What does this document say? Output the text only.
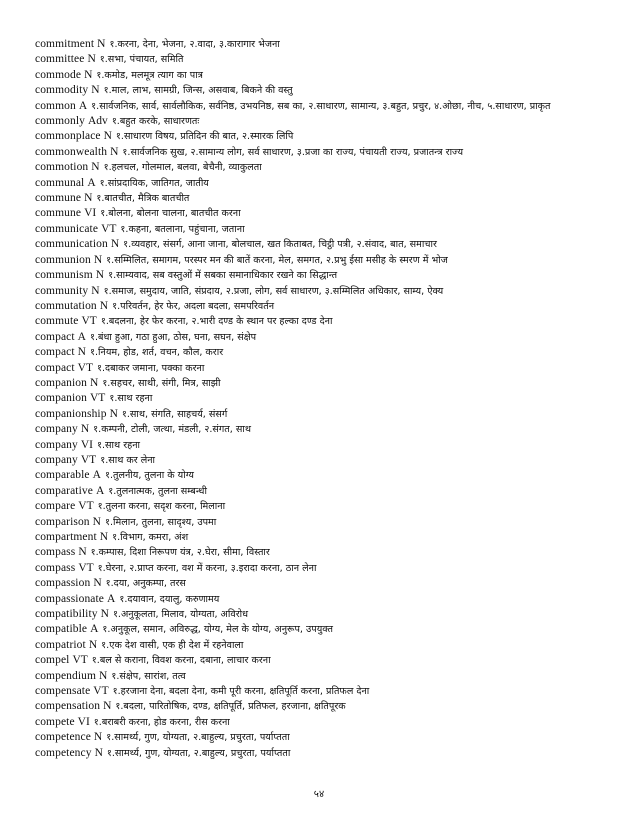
commitment N १.करना, देना, भेजना, २.वादा, ३.कारागार भेजना
committee N १.सभा, पंचायत, समिति
commode N १.कमोड, मलमूत्र त्याग का पात्र
commodity N १.माल, लाभ, सामग्री, जिन्स, असवाब, बिकने की वस्तु
common A १.सार्वजनिक, सार्व, सार्वलौकिक, सर्वनिष्ठ, उभयनिष्ठ, सब का, २.साधारण, सामान्य, ३.बहुत, प्रचुर, ४.ओछा, नीच, ५.साधारण, प्राकृत
commonly Adv १.बहुत करके, साधारणतः
commonplace N १.साधारण विषय, प्रतिदिन की बात, २.स्मारक लिपि
commonwealth N १.सार्वजनिक सुख, २.सामान्य लोग, सर्व साधारण, ३.प्रजा का राज्य, पंचायती राज्य, प्रजातन्त्र राज्य
commotion N १.हलचल, गोलमाल, बलवा, बेचैनी, व्याकुलता
communal A १.सांप्रदायिक, जातिगत, जातीय
commune N १.बातचीत, मैत्रिक बातचीत
commune VI १.बोलना, बोलना चालना, बातचीत करना
communicate VT १.कहना, बतलाना, पहुंचाना, जताना
communication N १.व्यवहार, संसर्ग, आना जाना, बोलचाल, खत किताबत, चिट्ठी पत्री, २.संवाद, बात, समाचार
communion N १.सम्मिलित, समागम, परस्पर मन की बातें करना, मेल, समगत, २.प्रभु ईसा मसीह के स्मरण में भोज
communism N १.साम्यवाद, सब वस्तुओं में सबका समानाधिकार रखने का सिद्धान्त
community N १.समाज, समुदाय, जाति, संप्रदाय, २.प्रजा, लोग, सर्व साधारण, ३.सम्मिलित अधिकार, साम्य, ऐक्य
commutation N १.परिवर्तन, हेर फेर, अदला बदला, समपरिवर्तन
commute VT १.बदलना, हेर फेर करना, २.भारी दण्ड के स्थान पर हल्का दण्ड देना
compact A १.बंधा हुआ, गठा हुआ, ठोस, घना, सघन, संक्षेप
compact N १.नियम, होड, शर्त, वचन, कौल, करार
compact VT १.दबाकर जमाना, पक्का करना
companion N १.सहचर, साथी, संगी, मित्र, साझी
companion VT १.साथ रहना
companionship N १.साथ, संगति, साहचर्य, संसर्ग
company N १.कम्पनी, टोली, जत्था, मंडली, २.संगत, साथ
company VI १.साथ रहना
company VT १.साथ कर लेना
comparable A १.तुलनीय, तुलना के योग्य
comparative A १.तुलनात्मक, तुलना सम्बन्धी
compare VT १.तुलना करना, सदृश करना, मिलाना
comparison N १.मिलान, तुलना, सादृश्य, उपमा
compartment N १.विभाग, कमरा, अंश
compass N १.कम्पास, दिशा निरूपण यंत्र, २.घेरा, सीमा, विस्तार
compass VT १.घेरना, २.प्राप्त करना, वश में करना, ३.इरादा करना, ठान लेना
compassion N १.दया, अनुकम्पा, तरस
compassionate A १.दयावान, दयालु, करुणामय
compatibility N १.अनुकूलता, मिलाव, योग्यता, अविरोध
compatible A १.अनुकूल, समान, अविरुद्ध, योग्य, मेल के योग्य, अनुरूप, उपयुक्त
compatriot N १.एक देश वासी, एक ही देश में रहनेवाला
compel VT १.बल से कराना, विवश करना, दबाना, लाचार करना
compendium N १.संक्षेप, सारांश, तत्व
compensate VT १.हरजाना देना, बदला देना, कमी पूरी करना, क्षतिपूर्ति करना, प्रतिफल देना
compensation N १.बदला, पारितोषिक, दण्ड, क्षतिपूर्ति, प्रतिफल, हरजाना, क्षतिपूरक
compete VI १.बराबरी करना, होड करना, रीस करना
competence N १.सामर्थ्य, गुण, योग्यता, २.बाहुल्य, प्रचुरता, पर्याप्तता
competency N १.सामर्थ्य, गुण, योग्यता, २.बाहुल्य, प्रचुरता, पर्याप्तता
५४
